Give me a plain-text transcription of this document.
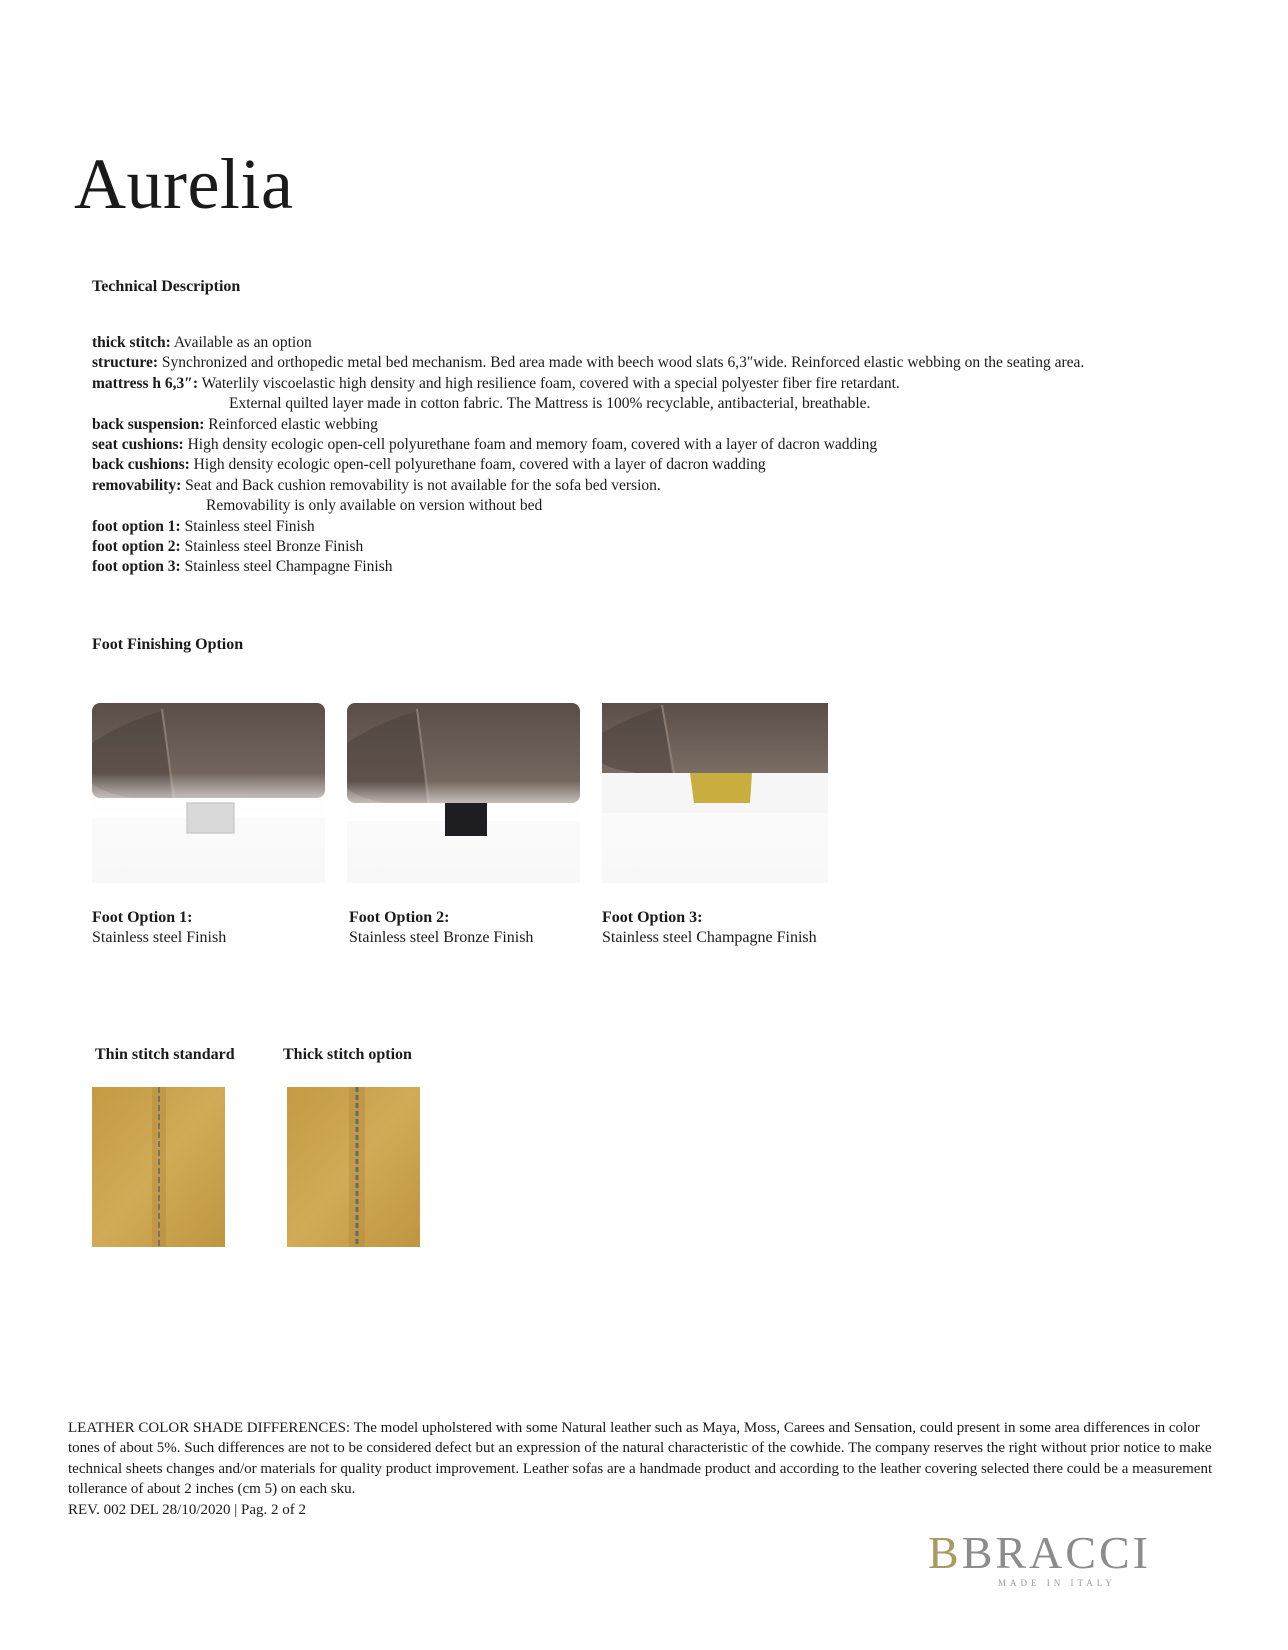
Aurelia
Technical Description
thick stitch: Available as an option
structure: Synchronized and orthopedic metal bed mechanism. Bed area made with beech wood slats 6,3″wide. Reinforced elastic webbing on the seating area.
mattress h 6,3″: Waterlily viscoelastic high density and high resilience foam, covered with a special polyester fiber fire retardant.
External quilted layer made in cotton fabric. The Mattress is 100% recyclable, antibacterial, breathable.
back suspension: Reinforced elastic webbing
seat cushions: High density ecologic open-cell polyurethane foam and memory foam, covered with a layer of dacron wadding
back cushions: High density ecologic open-cell polyurethane foam, covered with a layer of dacron wadding
removability: Seat and Back cushion removability is not available for the sofa bed version.
Removability is only available on version without bed
foot option 1: Stainless steel Finish
foot option 2: Stainless steel Bronze Finish
foot option 3: Stainless steel Champagne Finish
Foot Finishing Option
Foot Option 1:
Stainless steel Finish
Foot Option 2:
Stainless steel Bronze Finish
Foot Option 3:
Stainless steel Champagne Finish
Thin stitch standard	Thick stitch option
LEATHER COLOR SHADE DIFFERENCES: The model upholstered with some Natural leather such as Maya, Moss, Carees and Sensation, could present in some area differences in color tones of about 5%. Such differences are not to be considered defect but an expression of the natural characteristic of the cowhide. The company reserves the right without prior notice to make technical sheets changes and/or materials for quality product improvement. Leather sofas are a handmade product and according to the leather covering selected there could be a measurement tollerance of about 2 inches (cm 5) on each sku.
REV. 002 DEL 28/10/2020 | Pag. 2 of 2
BBRACCI
MADE IN ITALY
